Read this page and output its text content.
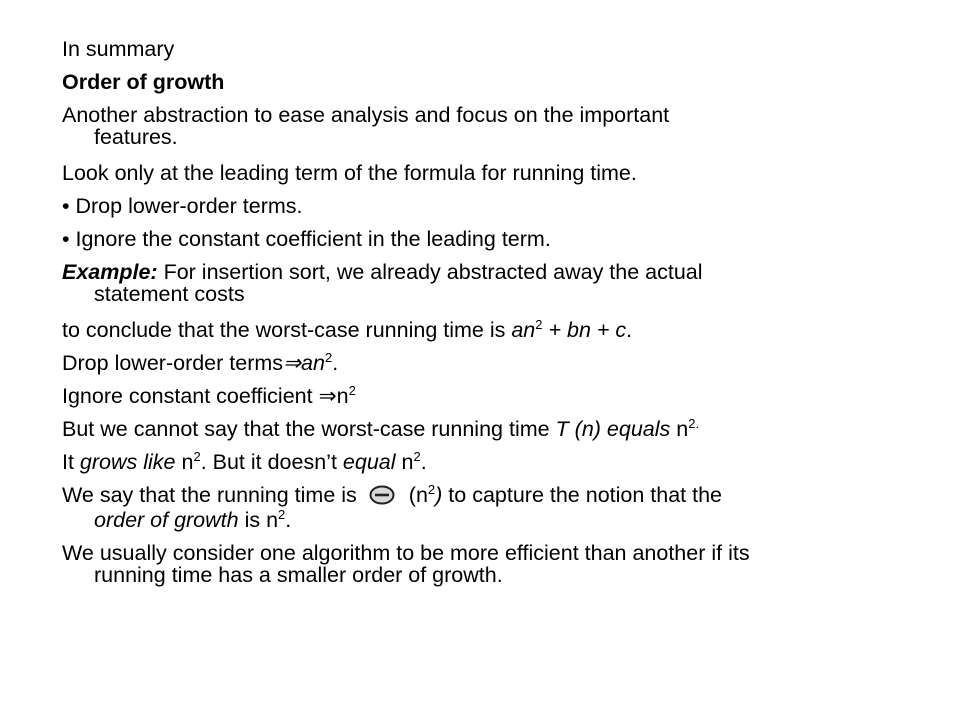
In summary
Order of growth
Another abstraction to ease analysis and focus on the important
features.
Look only at the leading term of the formula for running time.
• Drop lower-order terms.
• Ignore the constant coefficient in the leading term.
Example: For insertion sort, we already abstracted away the actual
statement costs
to conclude that the worst-case running time is $an^2$ + bn + c.
Drop lower-order $terms\Rightarrow an^2$.
Ignore constant coefficient $\Rightarrow n^2$
But we cannot say that the worst-case running time T (n) equals $n^{2.}$
It grows like $n^2$. But it doesn’t equal $n^2$.
We say that the running time is $(n^2)$ to capture the notion that the
order of growth is $n^2$.
We usually consider one algorithm to be more efficient than another if its
running time has a smaller order of growth.
